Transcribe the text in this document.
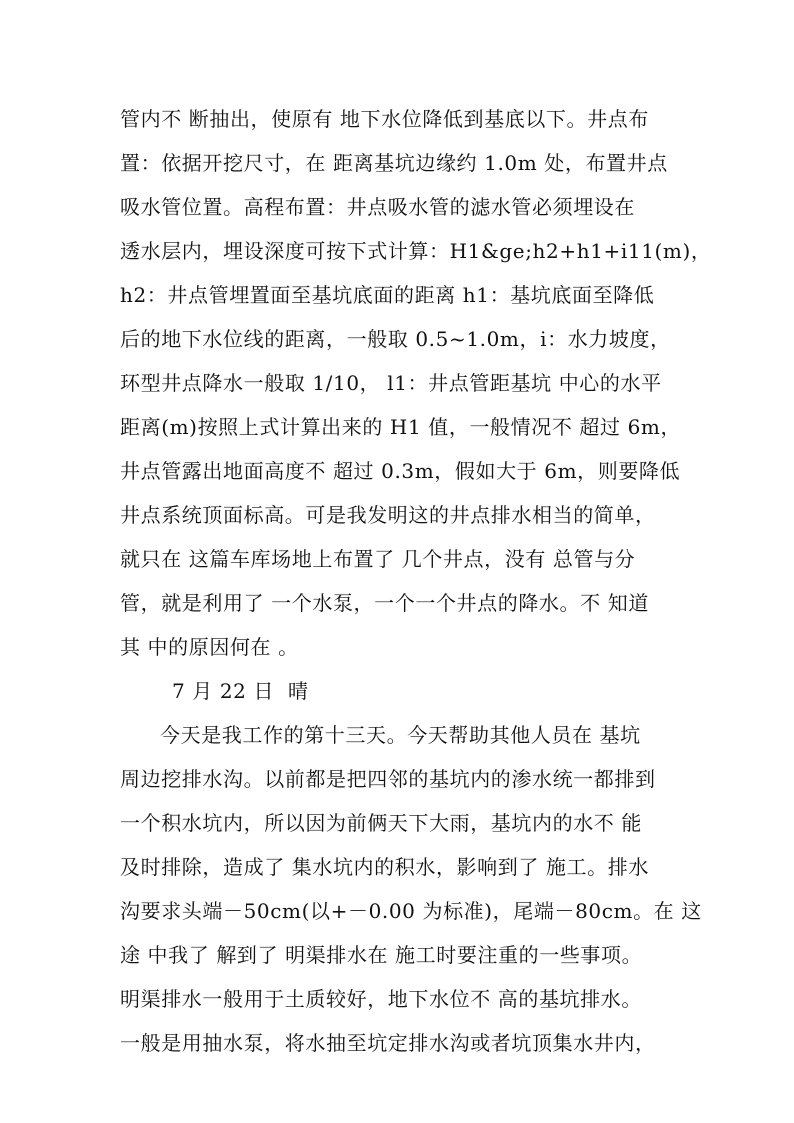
管内不 断抽出，使原有 地下水位降低到基底以下。井点布
置：依据开挖尺寸，在 距离基坑边缘约 1.0m 处，布置井点
吸水管位置。高程布置：井点吸水管的滤水管必须埋设在
透水层内，埋设深度可按下式计算：H1&ge;h2+h1+i11(m)，
h2：井点管埋置面至基坑底面的距离 h1：基坑底面至降低
后的地下水位线的距离，一般取 0.5~1.0m，i：水力坡度，
环型井点降水一般取 1/10， l1：井点管距基坑 中心的水平
距离(m)按照上式计算出来的 H1 值，一般情况不 超过 6m，
井点管露出地面高度不 超过 0.3m，假如大于 6m，则要降低
井点系统顶面标高。可是我发明这的井点排水相当的简单，
就只在 这篇车库场地上布置了 几个井点，没有 总管与分
管，就是利用了 一个水泵，一个一个井点的降水。不 知道
其 中的原因何在 。
7 月 22 日  晴
今天是我工作的第十三天。今天帮助其他人员在 基坑
周边挖排水沟。以前都是把四邻的基坑内的渗水统一都排到
一个积水坑内，所以因为前俩天下大雨，基坑内的水不 能
及时排除，造成了 集水坑内的积水，影响到了 施工。排水
沟要求头端－50cm(以+－0.00 为标准)，尾端－80cm。在 这
途 中我了 解到了 明渠排水在 施工时要注重的一些事项。
明渠排水一般用于土质较好，地下水位不 高的基坑排水。
一般是用抽水泵，将水抽至坑定排水沟或者坑顶集水井内，
